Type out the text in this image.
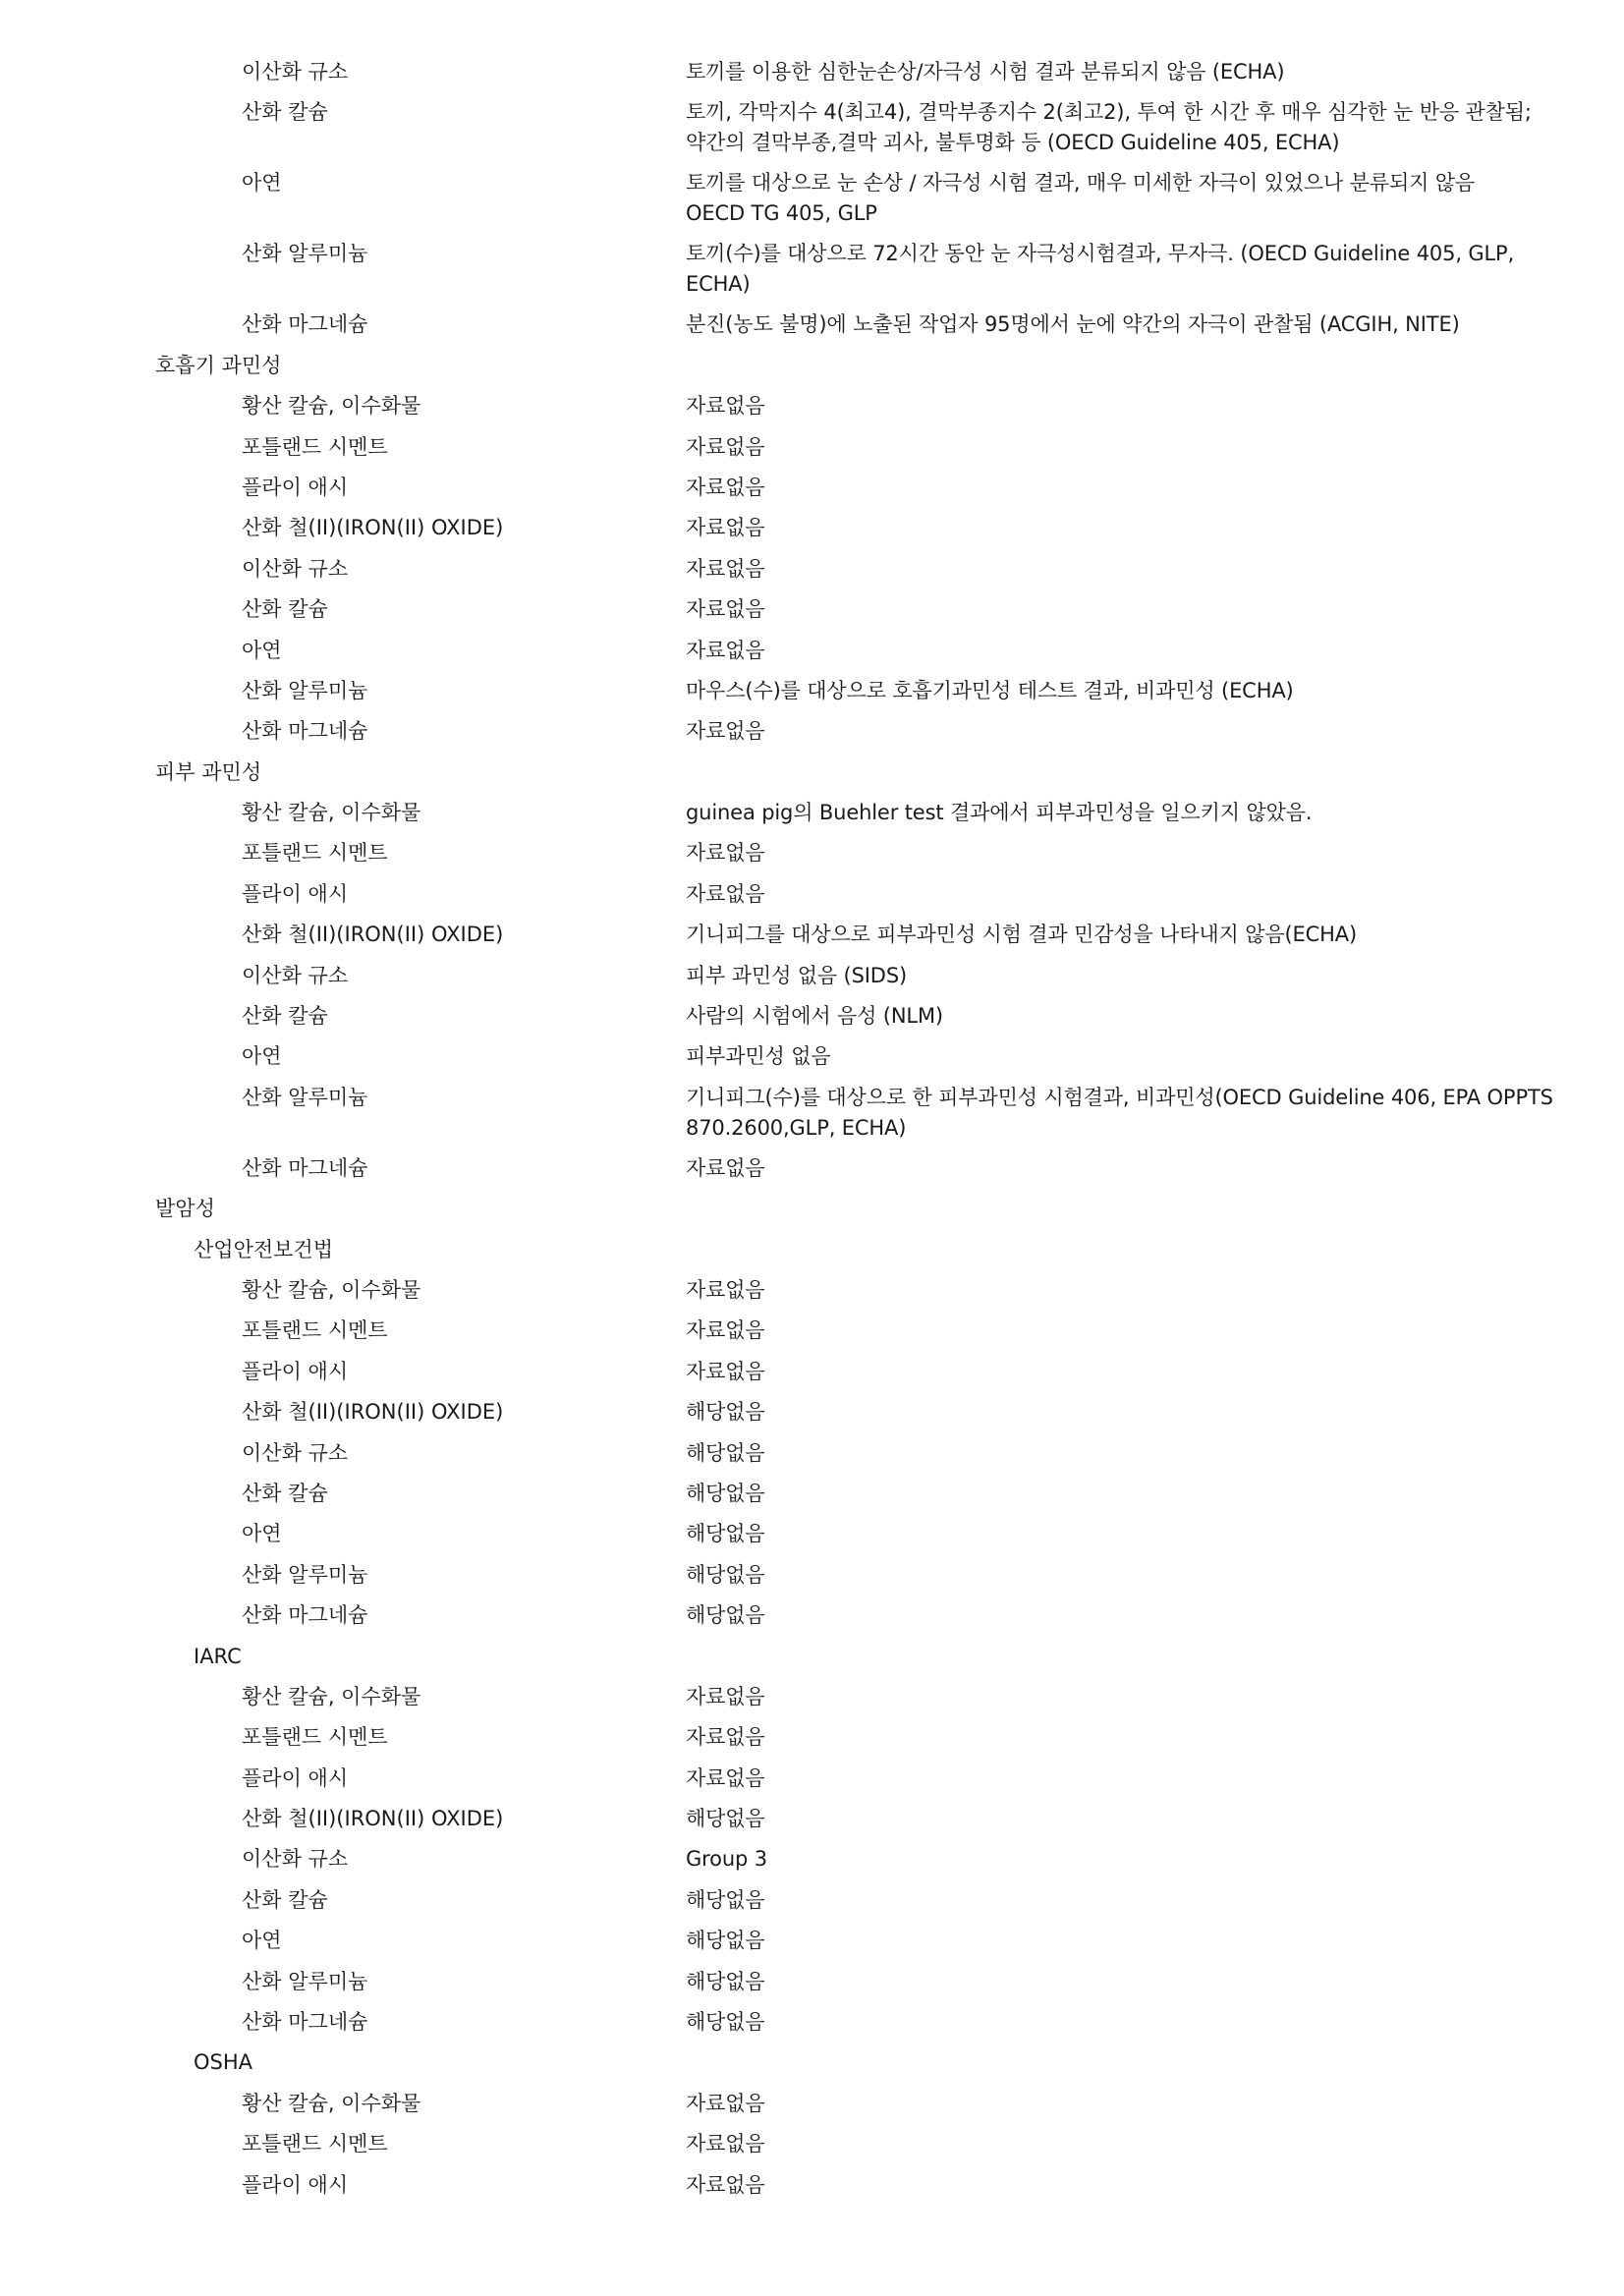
이산화 규소	토끼를 이용한 심한눈손상/자극성 시험 결과 분류되지 않음 (ECHA)
산화 칼슘	토끼, 각막지수 4(최고4), 결막부종지수 2(최고2), 투여 한 시간 후 매우 심각한 눈 반응 관찰됨;
약간의 결막부종,결막 괴사, 불투명화 등 (OECD Guideline 405, ECHA)
아연	토끼를 대상으로 눈 손상 / 자극성 시험 결과, 매우 미세한 자극이 있었으나 분류되지 않음
OECD TG 405, GLP
산화 알루미늄	토끼(수)를 대상으로 72시간 동안 눈 자극성시험결과, 무자극. (OECD Guideline 405, GLP,
ECHA)
산화 마그네슘	분진(농도 불명)에 노출된 작업자 95명에서 눈에 약간의 자극이 관찰됨 (ACGIH, NITE)
호흡기 과민성
황산 칼슘, 이수화물	자료없음
포틀랜드 시멘트	자료없음
플라이 애시	자료없음
산화 철(II)(IRON(II) OXIDE)	자료없음
이산화 규소	자료없음
산화 칼슘	자료없음
아연	자료없음
산화 알루미늄	마우스(수)를 대상으로 호흡기과민성 테스트 결과, 비과민성 (ECHA)
산화 마그네슘	자료없음
피부 과민성
황산 칼슘, 이수화물	guinea pig의 Buehler test 결과에서 피부과민성을 일으키지 않았음.
포틀랜드 시멘트	자료없음
플라이 애시	자료없음
산화 철(II)(IRON(II) OXIDE)	기니피그를 대상으로 피부과민성 시험 결과 민감성을 나타내지 않음(ECHA)
이산화 규소	피부 과민성 없음 (SIDS)
산화 칼슘	사람의 시험에서 음성 (NLM)
아연	피부과민성 없음
산화 알루미늄	기니피그(수)를 대상으로 한 피부과민성 시험결과, 비과민성(OECD Guideline 406, EPA OPPTS
870.2600,GLP, ECHA)
산화 마그네슘	자료없음
발암성
산업안전보건법
황산 칼슘, 이수화물	자료없음
포틀랜드 시멘트	자료없음
플라이 애시	자료없음
산화 철(II)(IRON(II) OXIDE)	해당없음
이산화 규소	해당없음
산화 칼슘	해당없음
아연	해당없음
산화 알루미늄	해당없음
산화 마그네슘	해당없음
IARC
황산 칼슘, 이수화물	자료없음
포틀랜드 시멘트	자료없음
플라이 애시	자료없음
산화 철(II)(IRON(II) OXIDE)	해당없음
이산화 규소	Group 3
산화 칼슘	해당없음
아연	해당없음
산화 알루미늄	해당없음
산화 마그네슘	해당없음
OSHA
황산 칼슘, 이수화물	자료없음
포틀랜드 시멘트	자료없음
플라이 애시	자료없음
